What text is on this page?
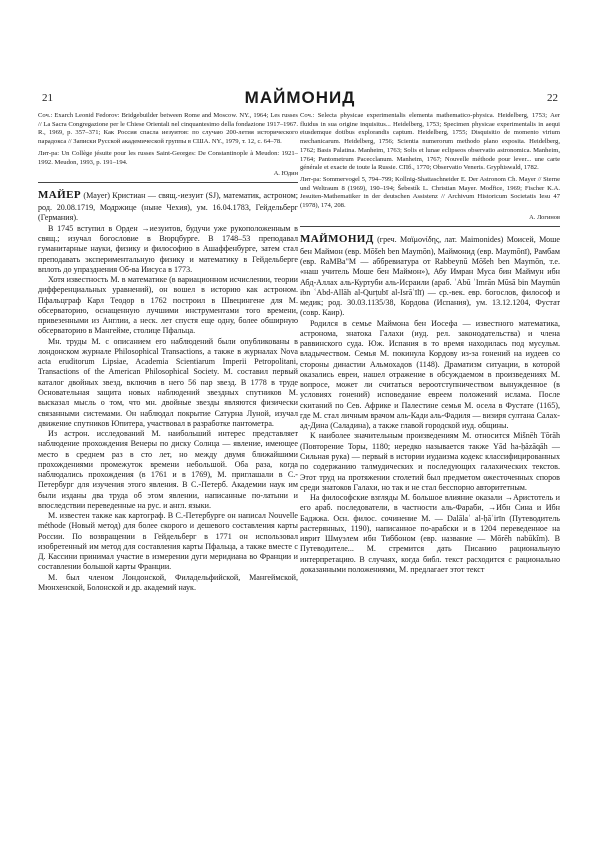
21	МАЙМОНИД	22

Соч.: Exarch Leonid Fedorov: Bridgebuilder between Rome and Moscow. NY., 1964; Les russes // La Sacra Congregazione per le Chiese Orientali nel cinquantesimo della fondazione 1917–1967. R., 1969, p. 357–371; Как Россия спасла иезуитов: по случаю 200-летия исторического парадокса // Записки Русской академической группы в США. NY., 1979, т. 12, с. 64–78.

Лит-ра: Un Collège jésuite pour les russes Saint-Georges: De Constantinople à Meudon: 1921–1992. Meudon, 1993, p. 191–194.

А. Юдин

МАЙЕР (Mayer) Кристиан — свящ.-иезуит (SJ), математик, астроном; род. 20.08.1719, Модржице (ныне Чехия), ум. 16.04.1783, Гейдельберг (Германия).

В 1745 вступил в Орден →иезуитов, будучи уже рукоположенным в свящ.; изучал богословие в Вюрцбурге. В 1748–53 преподавал гуманитарные науки, физику и философию в Ашаффенбурге, затем стал преподавать экспериментальную физику и математику в Гейдельберге вплоть до упразднения Об-ва Иисуса в 1773.

Хотя известность М. в математике (в вариационном исчислении, теории дифференциальных уравнений), он вошел в историю как астроном. Пфальцграф Карл Теодор в 1762 построил в Швецингене для М. обсерваторию, оснащенную лучшими инструментами того времени, привезенными из Англии, а неск. лет спустя еще одну, более обширную обсерваторию в Мангейме, столице Пфальца.

Мн. труды М. с описанием его наблюдений были опубликованы в лондонском журнале Philosophical Transactions, а также в журналах Nova acta eruditorum Lipsiae, Academia Scientiarum Imperii Petropolitani, Transactions of the American Philosophical Society. М. составил первый каталог двойных звезд, включив в него 56 пар звезд. В 1778 в труде Основательная защита новых наблюдений звездных спутников М. высказал мысль о том, что мн. двойные звезды являются физически связанными системами. Он наблюдал покрытие Сатурна Луной, изучал движение спутников Юпитера, участвовал в разработке пантометра.

Из астрон. исследований М. наибольший интерес представляет наблюдение прохождения Венеры по диску Солнца — явление, имеющее место в среднем раз в сто лет, но между двумя ближайшими прохождениями промежуток времени небольшой. Оба раза, когда наблюдались прохождения (в 1761 и в 1769), М. приглашали в С.-Петербург для изучения этого явления. В С.-Петерб. Академии наук им были изданы два труда об этом явлении, написанные по-латыни и впоследствии переведенные на рус. и англ. языки.

М. известен также как картограф. В С.-Петербурге он написал Nouvelle méthode (Новый метод) для более скорого и дешевого составления карты России. По возвращении в Гейдельберг в 1771 он использовал изобретенный им метод для составления карты Пфальца, а также вместе с Д. Кассини принимал участие в измерении дуги меридиана во Франции и составлении большой карты Франции.

М. был членом Лондонской, Филадельфийской, Мангеймской, Мюнхенской, Болонской и др. академий наук.

Соч.: Selecta physicae experimentalis elementa mathematico-physica. Heidelberg, 1753; Aer fluidus in sua origine inquisitus... Heidelberg, 1753; Specimen physicae experimentalis in aequi eiusdemque dotibus explorandis captum. Heidelberg, 1755; Disquisitio de momento virium mechanicarum. Heidelberg, 1756; Scientia numerorum methodo plano exposita. Heidelberg, 1762; Basis Palatina. Manheim, 1763; Solis et lunae eclipseos observatio astronomica. Manheim, 1764; Pantometrum Pacecclanum. Manheim, 1767; Nouvelle méthode pour lever... une carte générale et exacte de toute la Russie. СПб., 1770; Observatio Veneris. Gryphiswald, 1782.

Лит-ра: Sommervogel 5, 794–799; Kollnig-Shattaschneider E. Der Astronom Ch. Mayer // Sterne und Weltraum 8 (1969), 190–194; Šebestík L. Christian Mayer. Modřice, 1969; Fischer K.A. Jesuiten-Mathematiker in der deutschen Assistenz // Archivum Historicum Societatis Iesu 47 (1978), 174, 208.

А. Логинов

МАЙМОНИД (греч. Μαϊμονίδης, лат. Maimonides) Моисей, Моше бен Маймон (евр. Mōšeh ben Maymōn), Маймонид (евр. Maymōnī), Рамбам (евр. RaMBa"M — аббревиатура от Rabbeynū Mōšeh ben Maymōn, т.е. «наш учитель Моше бен Маймон»), Абу Имран Муса бин Маймун ибн Абд-Аллах аль-Куртуби аль-Исраили (араб. ʾAbū ʿImrān Mūsā bin Maymūn ibn ʿAbd-Allāh al-Qurṭubī al-Isrāʾīlī) — ср.-век. евр. богослов, философ и медик; род. 30.03.1135/38, Кордова (Испания), ум. 13.12.1204, Фустат (совр. Каир).

Родился в семье Маймона бен Иосефа — известного математика, астронома, знатока Галахи (иуд. рел. законодательства) и члена раввинского суда. Юж. Испания в то время находилась под мусульм. владычеством. Семья М. покинула Кордову из-за гонений на иудеев со стороны династии Альмохадов (1148). Драматизм ситуации, в которой оказались евреи, нашел отражение в обсуждаемом в произведениях М. вопросе, может ли считаться вероотступничеством вынужденное (в условиях гонений) исповедание евреем положений ислама. После скитаний по Сев. Африке и Палестине семья М. осела в Фустате (1165), где М. стал личным врачом аль-Кади аль-Фадиля — визиря султана Салах-ад-Дина (Саладина), а также главой городской иуд. общины.

К наиболее значительным произведениям М. относится Mišnēh Tōrāh (Повторение Торы, 1180; нередко называется также Yād ha-ḥăzāqāh — Сильная рука) — первый в истории иудаизма кодекс классифицированных по содержанию талмудических и последующих галахических текстов. Этот труд на протяжении столетий был предметом ожесточенных споров среди знатоков Галахи, но так и не стал бесспорно авторитетным.

На философские взгляды М. большое влияние оказали →Аристотель и его араб. последователи, в частности аль-Фараби, →Ибн Сина и Ибн Баджжа. Осн. филос. сочинение М. — Dalālaʾ al-ḥāʾirīn (Путеводитель растерянных, 1190), написанное по-арабски и в 1204 переведенное на иврит Шмуэлем ибн Тиббоном (евр. название — Mōrēh nəbūkîm). В Путеводителе... М. стремится дать Писанию рациональную интерпретацию. В случаях, когда библ. текст расходится с рационально доказанными положениями, М. предлагает этот текст
